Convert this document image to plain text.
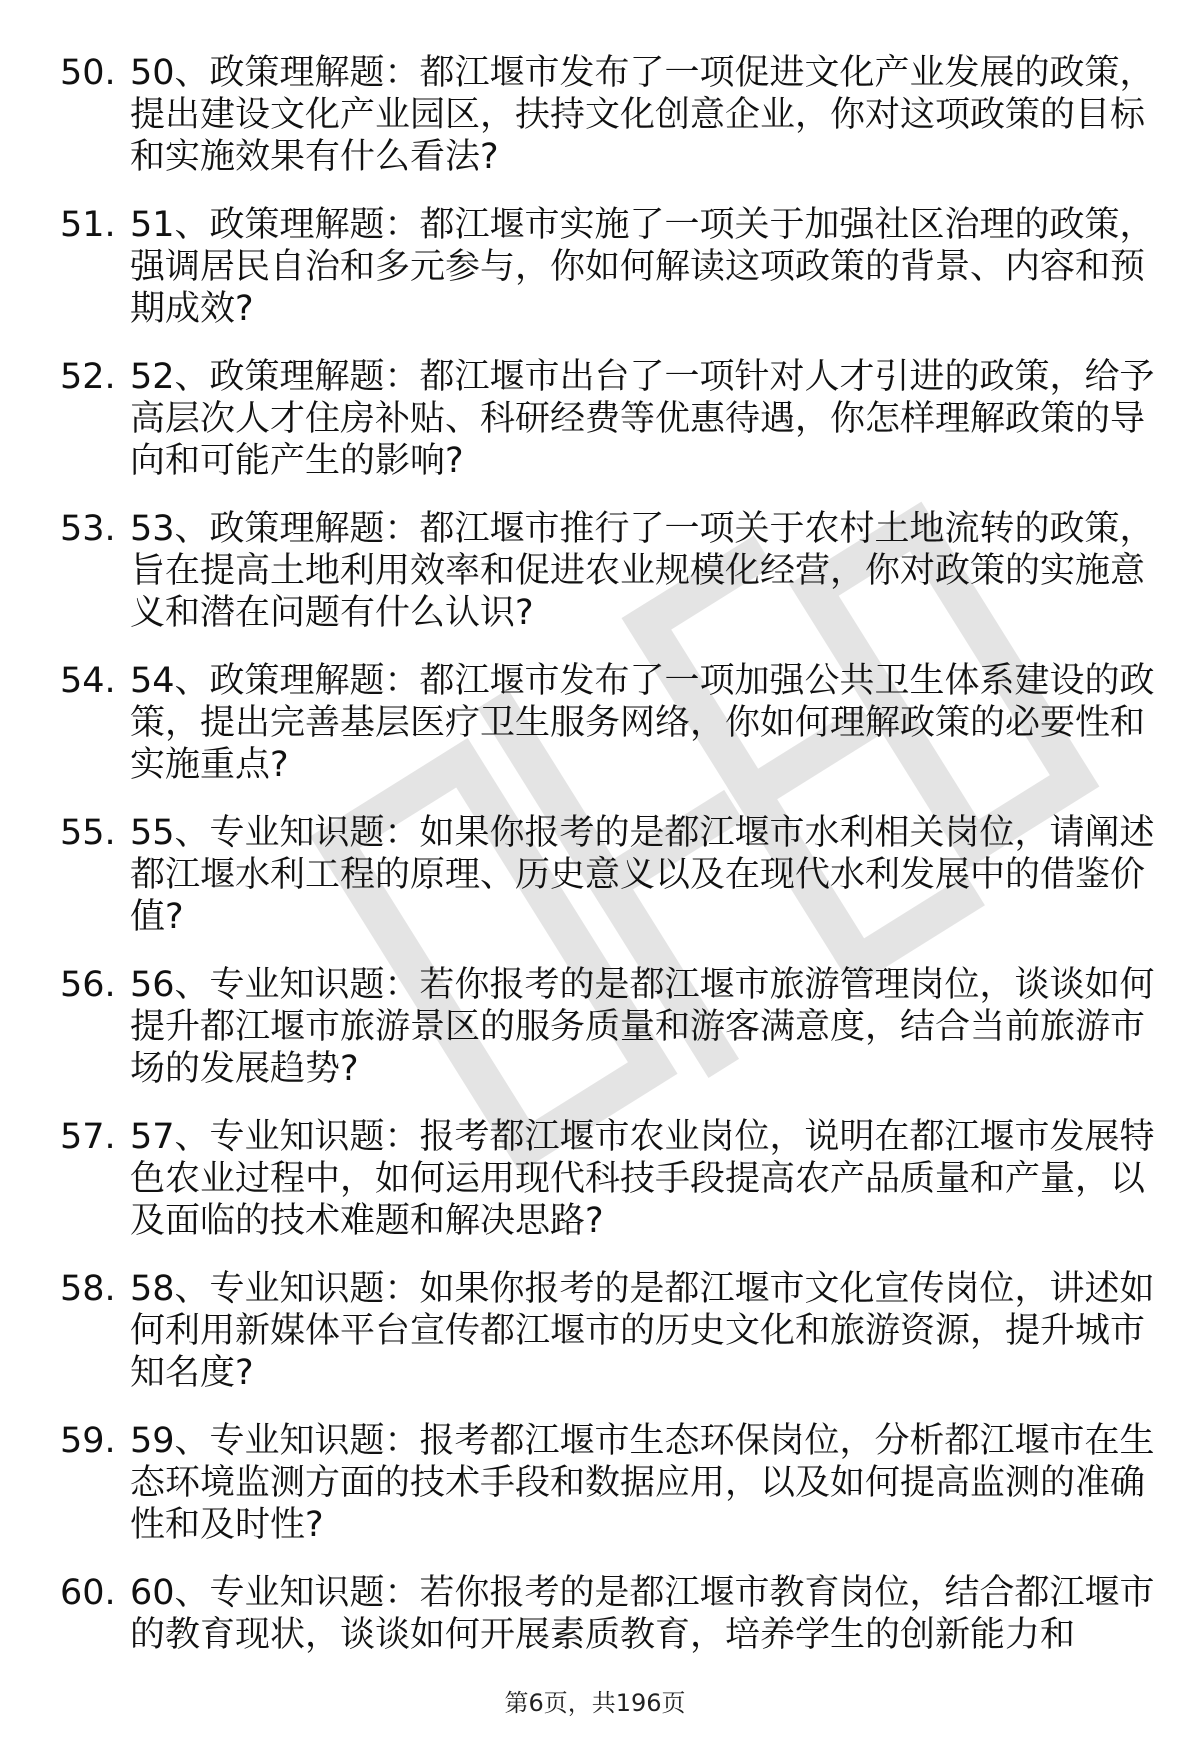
50. 50、政策理解题：都江堰市发布了一项促进文化产业发展的政策，提出建设文化产业园区，扶持文化创意企业，你对这项政策的目标和实施效果有什么看法?
51. 51、政策理解题：都江堰市实施了一项关于加强社区治理的政策，强调居民自治和多元参与，你如何解读这项政策的背景、内容和预期成效?
52. 52、政策理解题：都江堰市出台了一项针对人才引进的政策，给予高层次人才住房补贴、科研经费等优惠待遇，你怎样理解政策的导向和可能产生的影响?
53. 53、政策理解题：都江堰市推行了一项关于农村土地流转的政策，旨在提高土地利用效率和促进农业规模化经营，你对政策的实施意义和潜在问题有什么认识?
54. 54、政策理解题：都江堰市发布了一项加强公共卫生体系建设的政策，提出完善基层医疗卫生服务网络，你如何理解政策的必要性和实施重点?
55. 55、专业知识题：如果你报考的是都江堰市水利相关岗位，请阐述都江堰水利工程的原理、历史意义以及在现代水利发展中的借鉴价值?
56. 56、专业知识题：若你报考的是都江堰市旅游管理岗位，谈谈如何提升都江堰市旅游景区的服务质量和游客满意度，结合当前旅游市场的发展趋势?
57. 57、专业知识题：报考都江堰市农业岗位，说明在都江堰市发展特色农业过程中，如何运用现代科技手段提高农产品质量和产量，以及面临的技术难题和解决思路?
58. 58、专业知识题：如果你报考的是都江堰市文化宣传岗位，讲述如何利用新媒体平台宣传都江堰市的历史文化和旅游资源，提升城市知名度?
59. 59、专业知识题：报考都江堰市生态环保岗位，分析都江堰市在生态环境监测方面的技术手段和数据应用，以及如何提高监测的准确性和及时性?
60. 60、专业知识题：若你报考的是都江堰市教育岗位，结合都江堰市的教育现状，谈谈如何开展素质教育，培养学生的创新能力和
第6页，共196页
